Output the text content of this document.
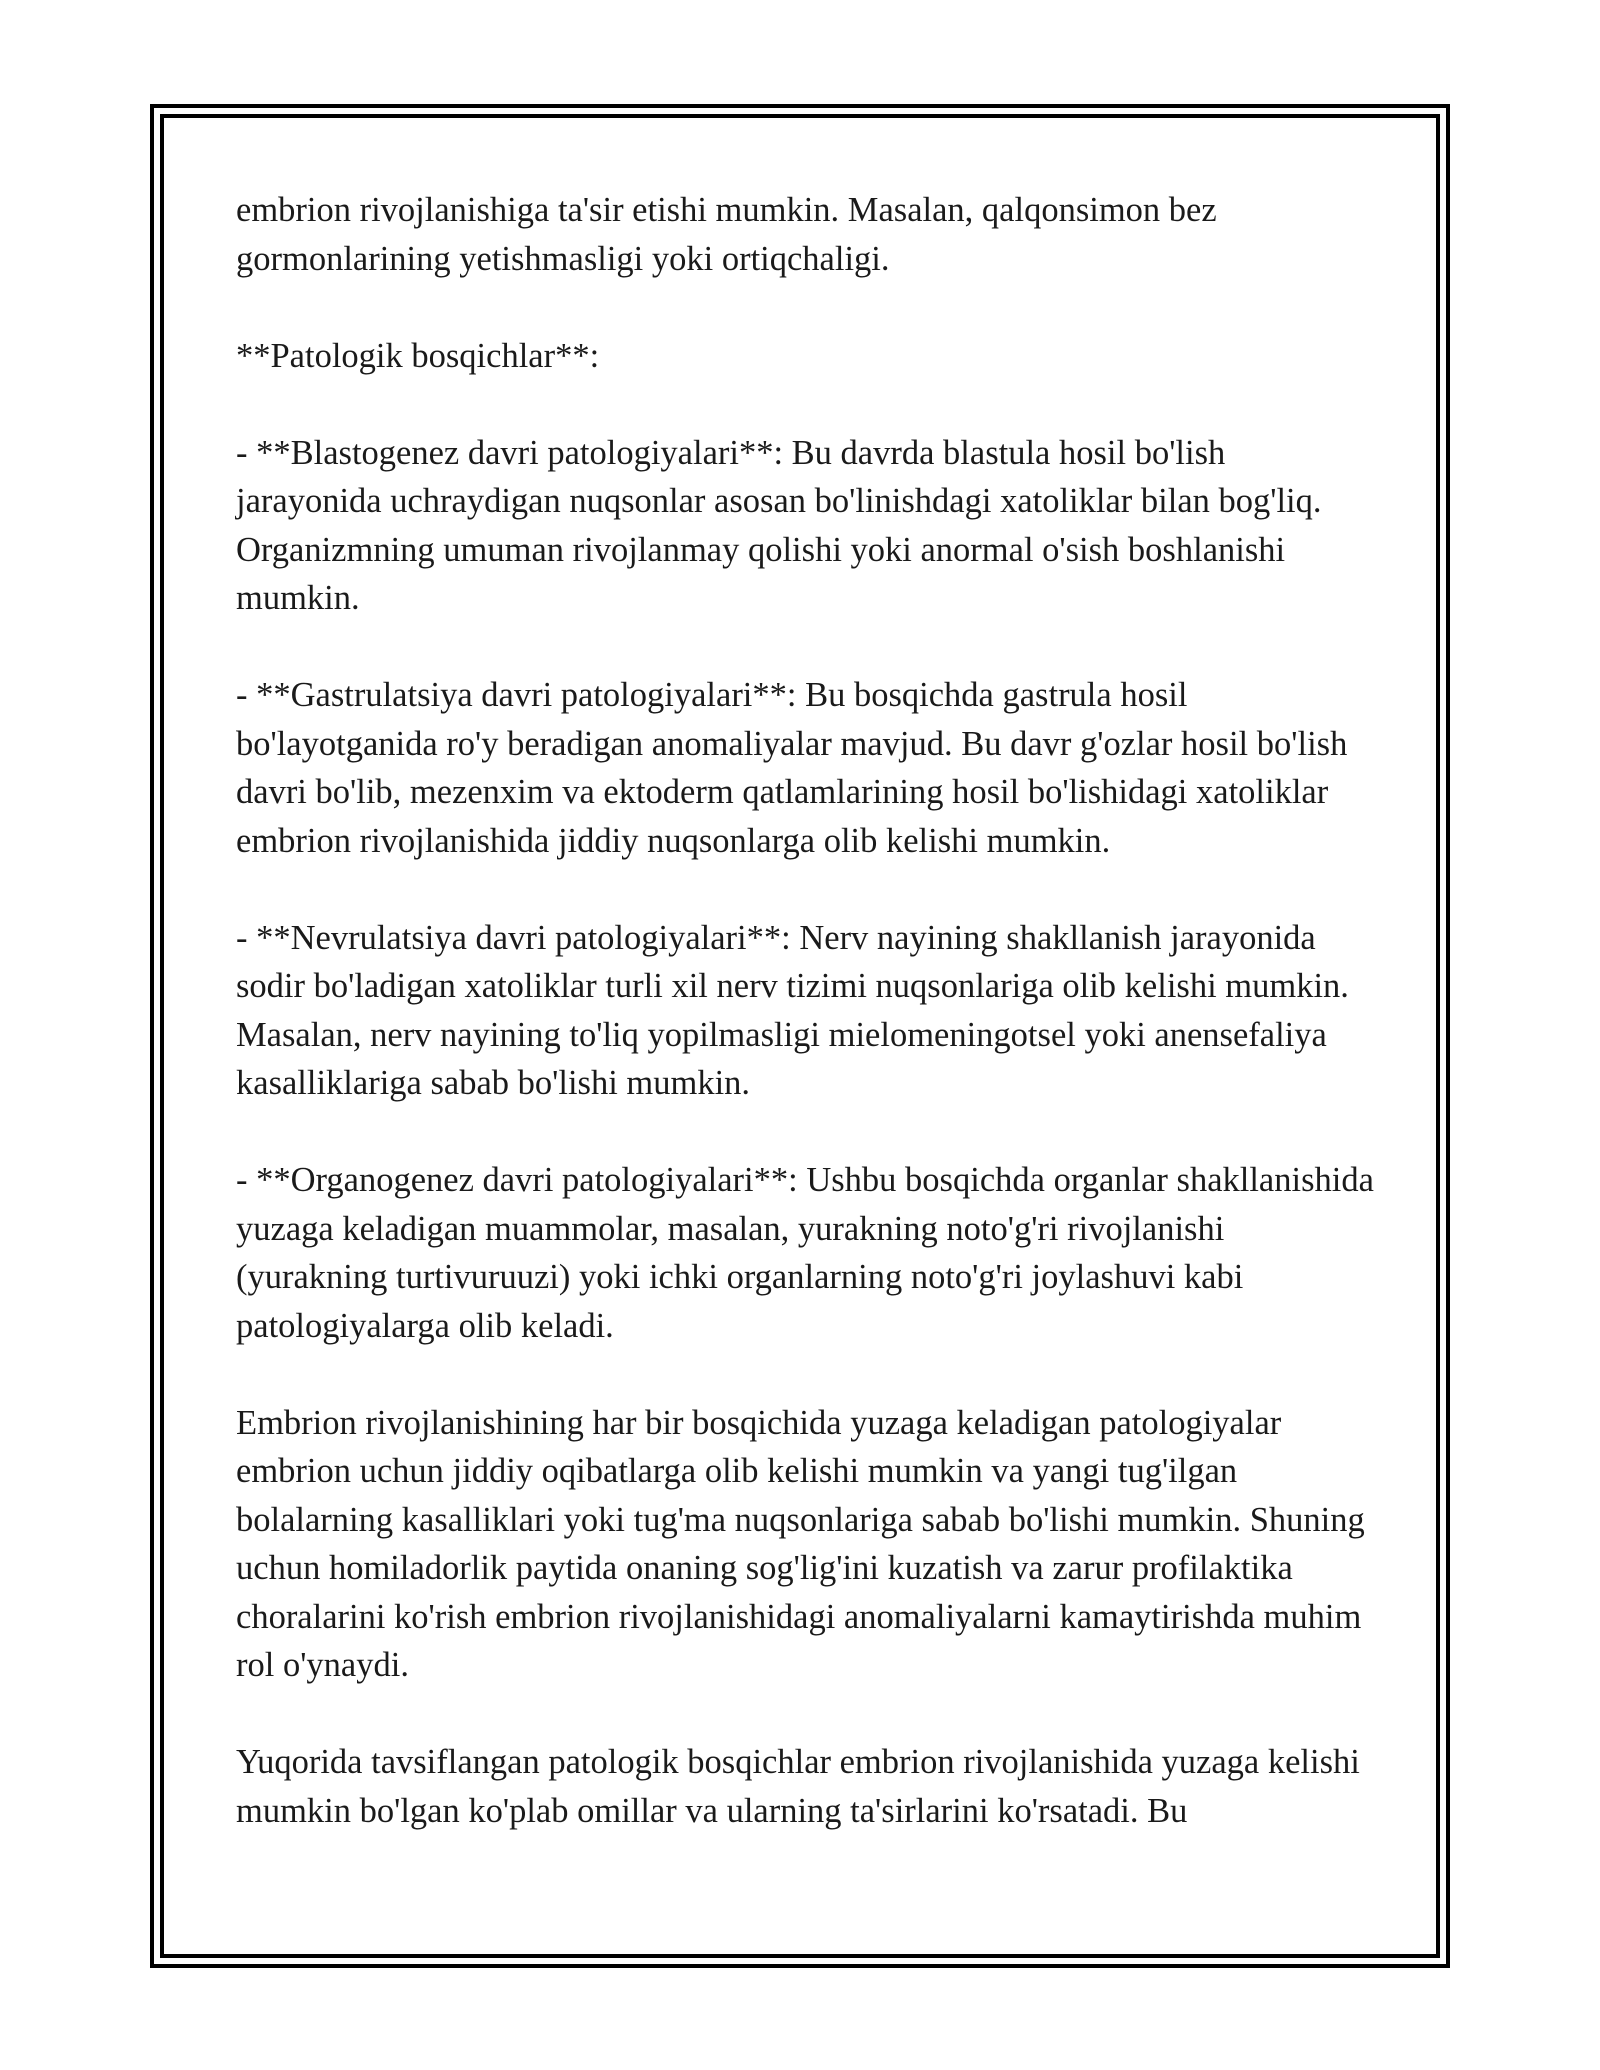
embrion rivojlanishiga ta'sir etishi mumkin. Masalan, qalqonsimon bez gormonlarining yetishmasligi yoki ortiqchaligi.

**Patologik bosqichlar**:

- **Blastogenez davri patologiyalari**: Bu davrda blastula hosil bo'lish jarayonida uchraydigan nuqsonlar asosan bo'linishdagi xatoliklar bilan bog'liq. Organizmning umuman rivojlanmay qolishi yoki anormal o'sish boshlanishi mumkin.

- **Gastrulatsiya davri patologiyalari**: Bu bosqichda gastrula hosil bo'layotganida ro'y beradigan anomaliyalar mavjud. Bu davr g'ozlar hosil bo'lish davri bo'lib, mezenxim va ektoderm qatlamlarining hosil bo'lishidagi xatoliklar embrion rivojlanishida jiddiy nuqsonlarga olib kelishi mumkin.

- **Nevrulatsiya davri patologiyalari**: Nerv nayining shakllanish jarayonida sodir bo'ladigan xatoliklar turli xil nerv tizimi nuqsonlariga olib kelishi mumkin. Masalan, nerv nayining to'liq yopilmasligi mielomeningotsel yoki anensefaliya kasalliklariga sabab bo'lishi mumkin.

- **Organogenez davri patologiyalari**: Ushbu bosqichda organlar shakllanishida yuzaga keladigan muammolar, masalan, yurakning noto'g'ri rivojlanishi (yurakning turtivuruuzi) yoki ichki organlarning noto'g'ri joylashuvi kabi patologiyalarga olib keladi.

Embrion rivojlanishining har bir bosqichida yuzaga keladigan patologiyalar embrion uchun jiddiy oqibatlarga olib kelishi mumkin va yangi tug'ilgan bolalarning kasalliklari yoki tug'ma nuqsonlariga sabab bo'lishi mumkin. Shuning uchun homiladorlik paytida onaning sog'lig'ini kuzatish va zarur profilaktika choralarini ko'rish embrion rivojlanishidagi anomaliyalarni kamaytirishda muhim rol o'ynaydi.

Yuqorida tavsiflangan patologik bosqichlar embrion rivojlanishida yuzaga kelishi mumkin bo'lgan ko'plab omillar va ularning ta'sirlarini ko'rsatadi. Bu
